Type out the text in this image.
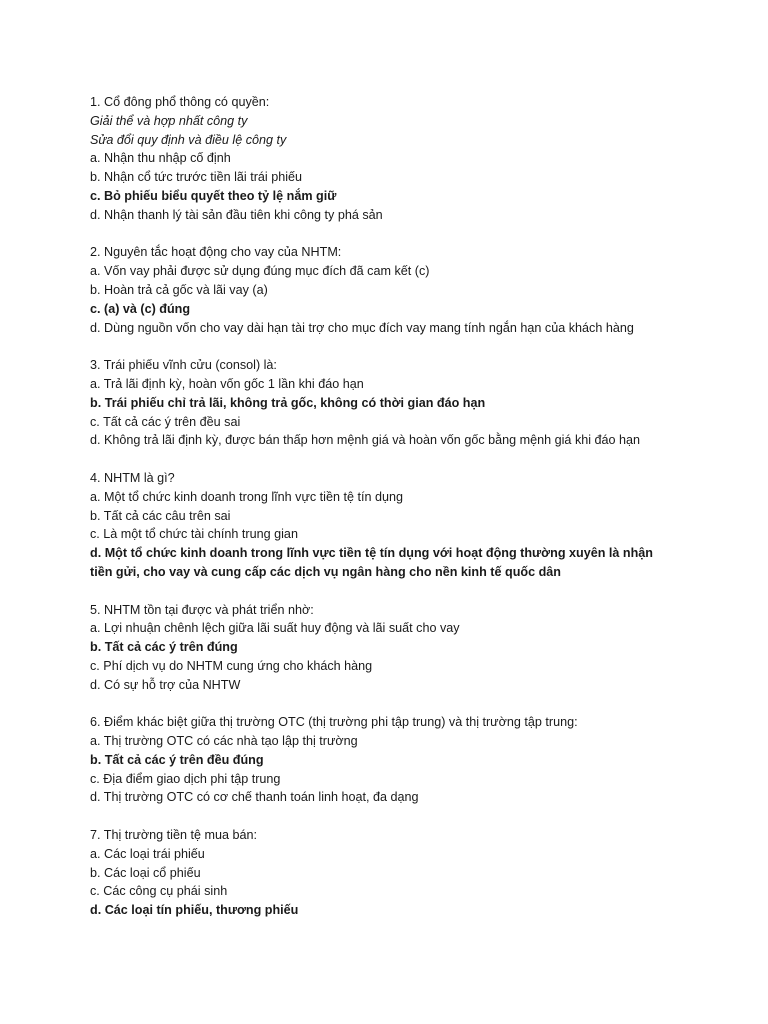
1. Cổ đông phổ thông có quyền:
Giải thể và hợp nhất công ty
Sửa đổi quy định và điều lệ công ty
a. Nhận thu nhập cố định
b. Nhận cổ tức trước tiền lãi trái phiếu
c. Bỏ phiếu biểu quyết theo tỷ lệ nắm giữ
d. Nhận thanh lý tài sản đầu tiên khi công ty phá sản
2. Nguyên tắc hoạt động cho vay của NHTM:
a. Vốn vay phải được sử dụng đúng mục đích đã cam kết (c)
b. Hoàn trả cả gốc và lãi vay (a)
c. (a) và (c) đúng
d. Dùng nguồn vốn cho vay dài hạn tài trợ cho mục đích vay mang tính ngắn hạn của khách hàng
3. Trái phiếu vĩnh cửu (consol) là:
a. Trả lãi định kỳ, hoàn vốn gốc 1 lần khi đáo hạn
b. Trái phiếu chỉ trả lãi, không trả gốc, không có thời gian đáo hạn
c. Tất cả các ý trên đều sai
d. Không trả lãi định kỳ, được bán thấp hơn mệnh giá và hoàn vốn gốc bằng mệnh giá khi đáo hạn
4. NHTM là gì?
a. Một tổ chức kinh doanh trong lĩnh vực tiền tệ tín dụng
b. Tất cả các câu trên sai
c. Là một tổ chức tài chính trung gian
d. Một tổ chức kinh doanh trong lĩnh vực tiền tệ tín dụng với hoạt động thường xuyên là nhận tiền gửi, cho vay và cung cấp các dịch vụ ngân hàng cho nền kinh tế quốc dân
5. NHTM tồn tại được và phát triển nhờ:
a. Lợi nhuận chênh lệch giữa lãi suất huy động và lãi suất cho vay
b. Tất cả các ý trên đúng
c. Phí dịch vụ do NHTM cung ứng cho khách hàng
d. Có sự hỗ trợ của NHTW
6. Điểm khác biệt giữa thị trường OTC (thị trường phi tập trung) và thị trường tập trung:
a. Thị trường OTC có các nhà tạo lập thị trường
b. Tất cả các ý trên đều đúng
c. Địa điểm giao dịch phi tập trung
d. Thị trường OTC có cơ chế thanh toán linh hoạt, đa dạng
7. Thị trường tiền tệ mua bán:
a. Các loại trái phiếu
b. Các loại cổ phiếu
c. Các công cụ phái sinh
d. Các loại tín phiếu, thương phiếu
